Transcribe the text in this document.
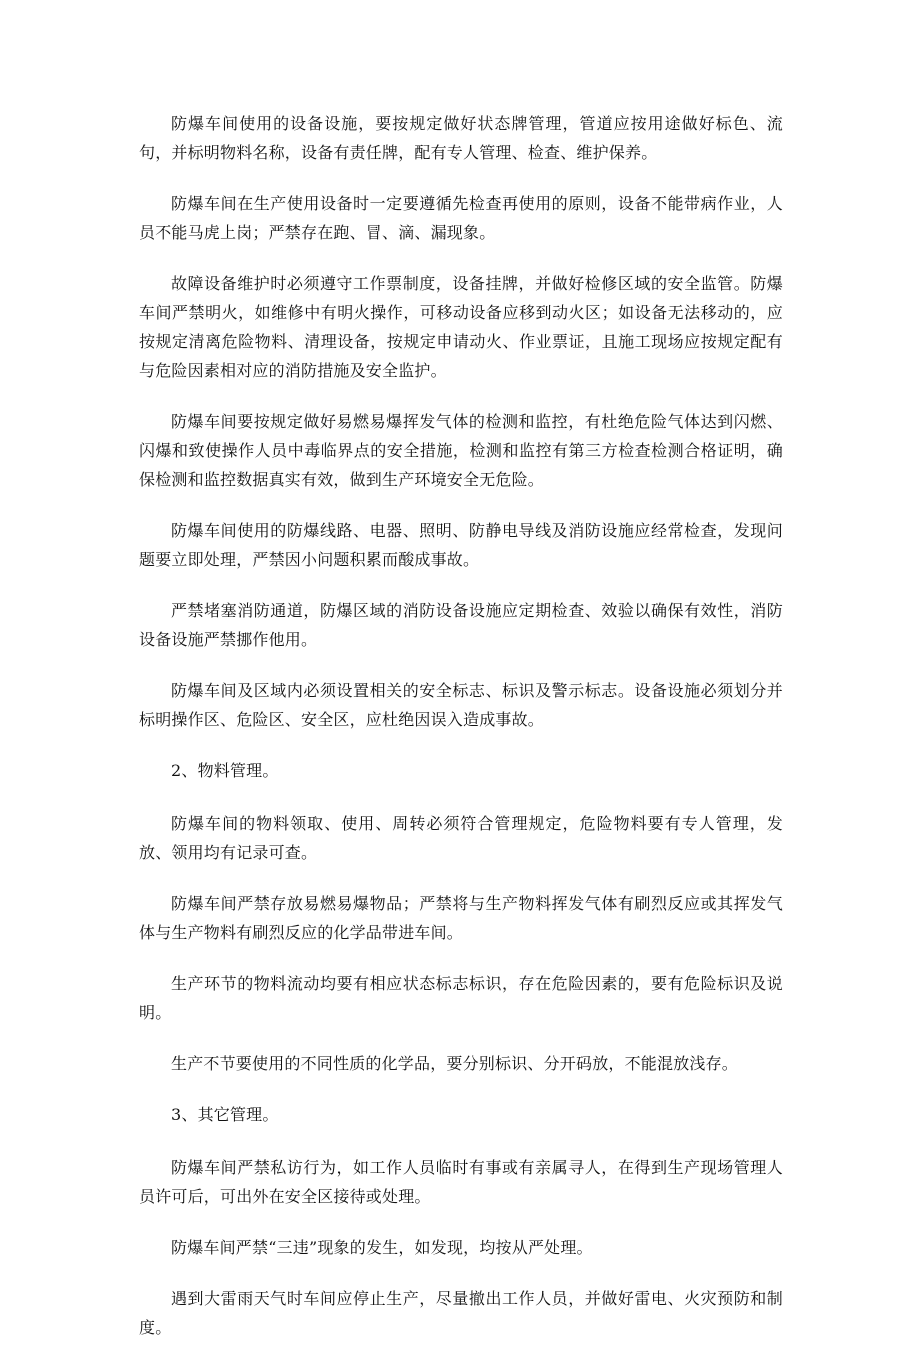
防爆车间使用的设备设施，要按规定做好状态牌管理，管道应按用途做好标色、流句，并标明物料名称，设备有责任牌，配有专人管理、检查、维护保养。

防爆车间在生产使用设备时一定要遵循先检查再使用的原则，设备不能带病作业，人员不能马虎上岗；严禁存在跑、冒、滴、漏现象。

故障设备维护时必须遵守工作票制度，设备挂牌，并做好检修区域的安全监管。防爆车间严禁明火，如维修中有明火操作，可移动设备应移到动火区；如设备无法移动的，应按规定清离危险物料、清理设备，按规定申请动火、作业票证，且施工现场应按规定配有与危险因素相对应的消防措施及安全监护。

防爆车间要按规定做好易燃易爆挥发气体的检测和监控，有杜绝危险气体达到闪燃、闪爆和致使操作人员中毒临界点的安全措施，检测和监控有第三方检查检测合格证明，确保检测和监控数据真实有效，做到生产环境安全无危险。

防爆车间使用的防爆线路、电器、照明、防静电导线及消防设施应经常检查，发现问题要立即处理，严禁因小问题积累而酸成事故。

严禁堵塞消防通道，防爆区域的消防设备设施应定期检查、效验以确保有效性，消防设备设施严禁挪作他用。

防爆车间及区域内必须设置相关的安全标志、标识及警示标志。设备设施必须划分并标明操作区、危险区、安全区，应杜绝因误入造成事故。

2、物料管理。

防爆车间的物料领取、使用、周转必须符合管理规定，危险物料要有专人管理，发放、领用均有记录可查。

防爆车间严禁存放易燃易爆物品；严禁将与生产物料挥发气体有刷烈反应或其挥发气体与生产物料有刷烈反应的化学品带进车间。

生产环节的物料流动均要有相应状态标志标识，存在危险因素的，要有危险标识及说明。

生产不节要使用的不同性质的化学品，要分别标识、分开码放，不能混放浅存。

3、其它管理。

防爆车间严禁私访行为，如工作人员临时有事或有亲属寻人，在得到生产现场管理人员许可后，可出外在安全区接待或处理。

防爆车间严禁“三违”现象的发生，如发现，均按从严处理。

遇到大雷雨天气时车间应停止生产，尽量撤出工作人员，并做好雷电、火灾预防和制度。
